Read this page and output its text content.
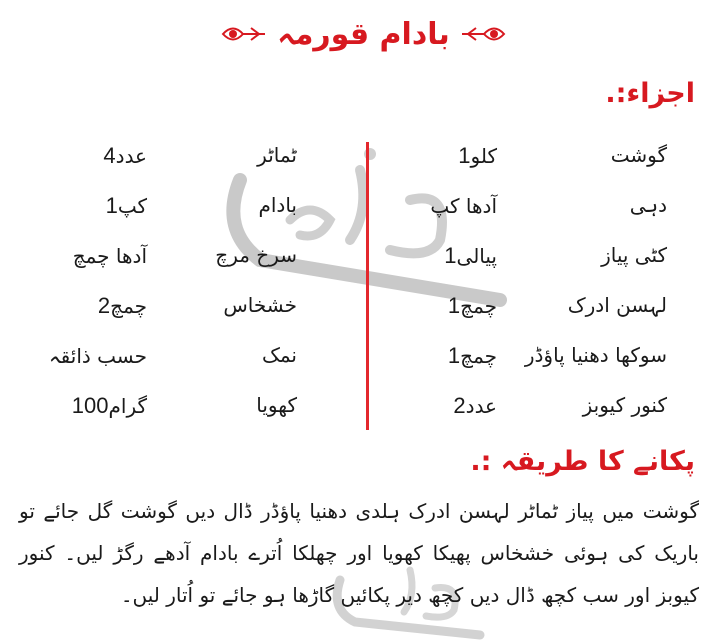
بادام قورمہ
اجزاء:.
گوشت
کلو1
دہی
آدھا کپ
کٹی پیاز
پیالی1
لہسن ادرک
چمچ1
سوکھا دھنیا پاؤڈر
چمچ1
کنور کیوبز
عدد2
ٹماٹر
عدد4
بادام
کپ1
سرخ مرچ
آدھا چمچ
خشخاس
چمچ2
نمک
حسب ذائقہ
کھویا
گرام100
پکانے کا طریقہ :.
گوشت میں پیاز ٹماٹر لہسن ادرک ہلدی دھنیا پاؤڈر ڈال دیں گوشت گل جائے تو باریک کی ہوئی خشخاس پھیکا کھویا اور چھلکا اُترے بادام آدھے رگڑ لیں۔ کنور کیوبز اور سب کچھ ڈال دیں کچھ دیر پکائیں گاڑھا ہو جائے تو اُتار لیں۔
